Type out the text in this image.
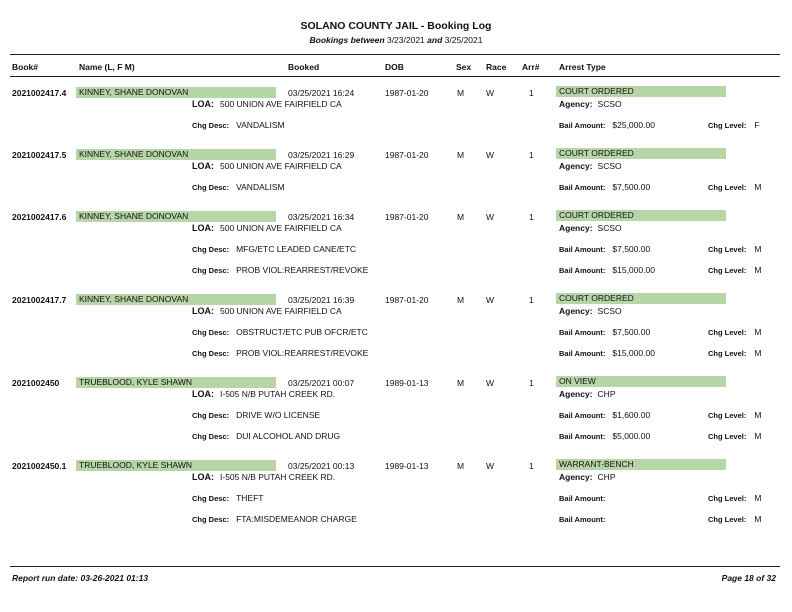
SOLANO COUNTY JAIL - Booking Log
Bookings between 3/23/2021 and 3/25/2021
Book#	Name (L, F M)	Booked	DOB	Sex Race Arr# Arrest Type
2021002417.4	KINNEY, SHANE DONOVAN	03/25/2021 16:24	1987-01-20	M	W	1	COURT ORDERED
LOA: 500 UNION AVE FAIRFIELD CA	Agency: SCSO
Chg Desc: VANDALISM	Bail Amount: $25,000.00	Chg Level: F
2021002417.5	KINNEY, SHANE DONOVAN	03/25/2021 16:29	1987-01-20	M	W	1	COURT ORDERED
LOA: 500 UNION AVE FAIRFIELD CA	Agency: SCSO
Chg Desc: VANDALISM	Bail Amount: $7,500.00	Chg Level: M
2021002417.6	KINNEY, SHANE DONOVAN	03/25/2021 16:34	1987-01-20	M	W	1	COURT ORDERED
LOA: 500 UNION AVE FAIRFIELD CA	Agency: SCSO
Chg Desc: MFG/ETC LEADED CANE/ETC	Bail Amount: $7,500.00	Chg Level: M
Chg Desc: PROB VIOL:REARREST/REVOKE	Bail Amount: $15,000.00	Chg Level: M
2021002417.7	KINNEY, SHANE DONOVAN	03/25/2021 16:39	1987-01-20	M	W	1	COURT ORDERED
LOA: 500 UNION AVE FAIRFIELD CA	Agency: SCSO
Chg Desc: OBSTRUCT/ETC PUB OFCR/ETC	Bail Amount: $7,500.00	Chg Level: M
Chg Desc: PROB VIOL:REARREST/REVOKE	Bail Amount: $15,000.00	Chg Level: M
2021002450	TRUEBLOOD, KYLE SHAWN	03/25/2021 00:07	1989-01-13	M	W	1	ON VIEW
LOA: I-505 N/B PUTAH CREEK RD.	Agency: CHP
Chg Desc: DRIVE W/O LICENSE	Bail Amount: $1,600.00	Chg Level: M
Chg Desc: DUI ALCOHOL AND DRUG	Bail Amount: $5,000.00	Chg Level: M
2021002450.1	TRUEBLOOD, KYLE SHAWN	03/25/2021 00:13	1989-01-13	M	W	1	WARRANT-BENCH
LOA: I-505 N/B PUTAH CREEK RD.	Agency: CHP
Chg Desc: THEFT	Bail Amount:	Chg Level: M
Chg Desc: FTA:MISDEMEANOR CHARGE	Bail Amount:	Chg Level: M
Report run date: 03-26-2021 01:13	Page 18 of 32
